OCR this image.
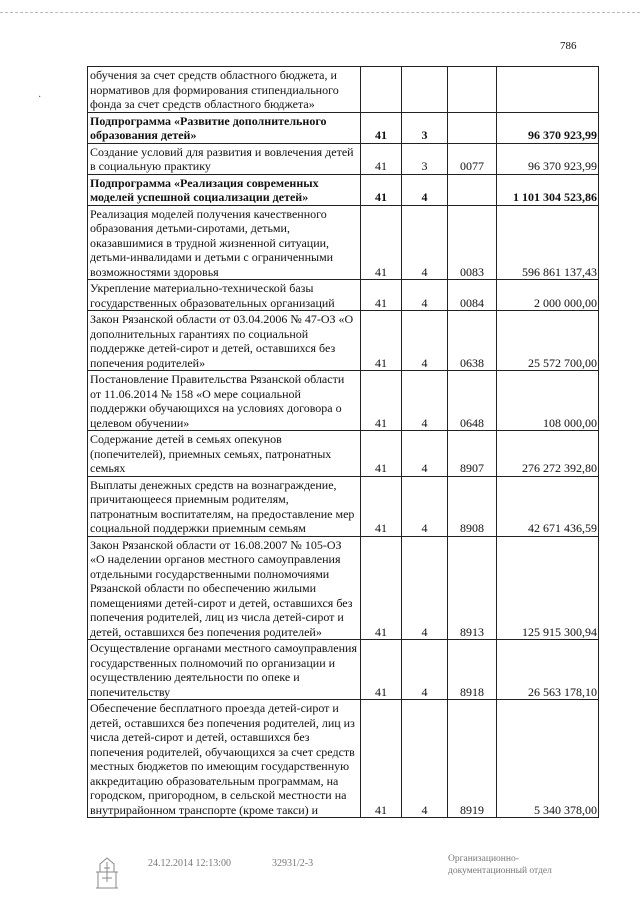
786
·
обучения за счет средств областного бюджета, и нормативов для формирования стипендиального фонда за счет средств областного бюджета»				
Подпрограмма «Развитие дополнительного образования детей»	41	3		96 370 923,99
Создание условий для развития и вовлечения детей в социальную практику	41	3	0077	96 370 923,99
Подпрограмма «Реализация современных моделей успешной социализации детей»	41	4		1 101 304 523,86
Реализация моделей получения качественного образования детьми-сиротами, детьми, оказавшимися в трудной жизненной ситуации, детьми-инвалидами и детьми с ограниченными возможностями здоровья	41	4	0083	596 861 137,43
Укрепление материально-технической базы государственных образовательных организаций	41	4	0084	2 000 000,00
Закон Рязанской области от 03.04.2006 № 47-ОЗ «О дополнительных гарантиях по социальной поддержке детей-сирот и детей, оставшихся без попечения родителей»	41	4	0638	25 572 700,00
Постановление Правительства Рязанской области от 11.06.2014 № 158 «О мере социальной поддержки обучающихся на условиях договора о целевом обучении»	41	4	0648	108 000,00
Содержание детей в семьях опекунов (попечителей), приемных семьях, патронатных семьях	41	4	8907	276 272 392,80
Выплаты денежных средств на вознаграждение, причитающееся приемным родителям, патронатным воспитателям, на предоставление мер социальной поддержки приемным семьям	41	4	8908	42 671 436,59
Закон Рязанской области от 16.08.2007 № 105-ОЗ «О наделении органов местного самоуправления отдельными государственными полномочиями Рязанской области по обеспечению жилыми помещениями детей-сирот и детей, оставшихся без попечения родителей, лиц из числа детей-сирот и детей, оставшихся без попечения родителей»	41	4	8913	125 915 300,94
Осуществление органами местного самоуправления государственных полномочий по организации и осуществлению деятельности по опеке и попечительству	41	4	8918	26 563 178,10
Обеспечение бесплатного проезда детей-сирот и детей, оставшихся без попечения родителей, лиц из числа детей-сирот и детей, оставшихся без попечения родителей, обучающихся за счет средств местных бюджетов по имеющим государственную аккредитацию образовательным программам, на городском, пригородном, в сельской местности на внутрирайонном транспорте (кроме такси) и	41	4	8919	5 340 378,00
24.12.2014 12:13:00	32931/2-3	Организационно-
документационный отдел
